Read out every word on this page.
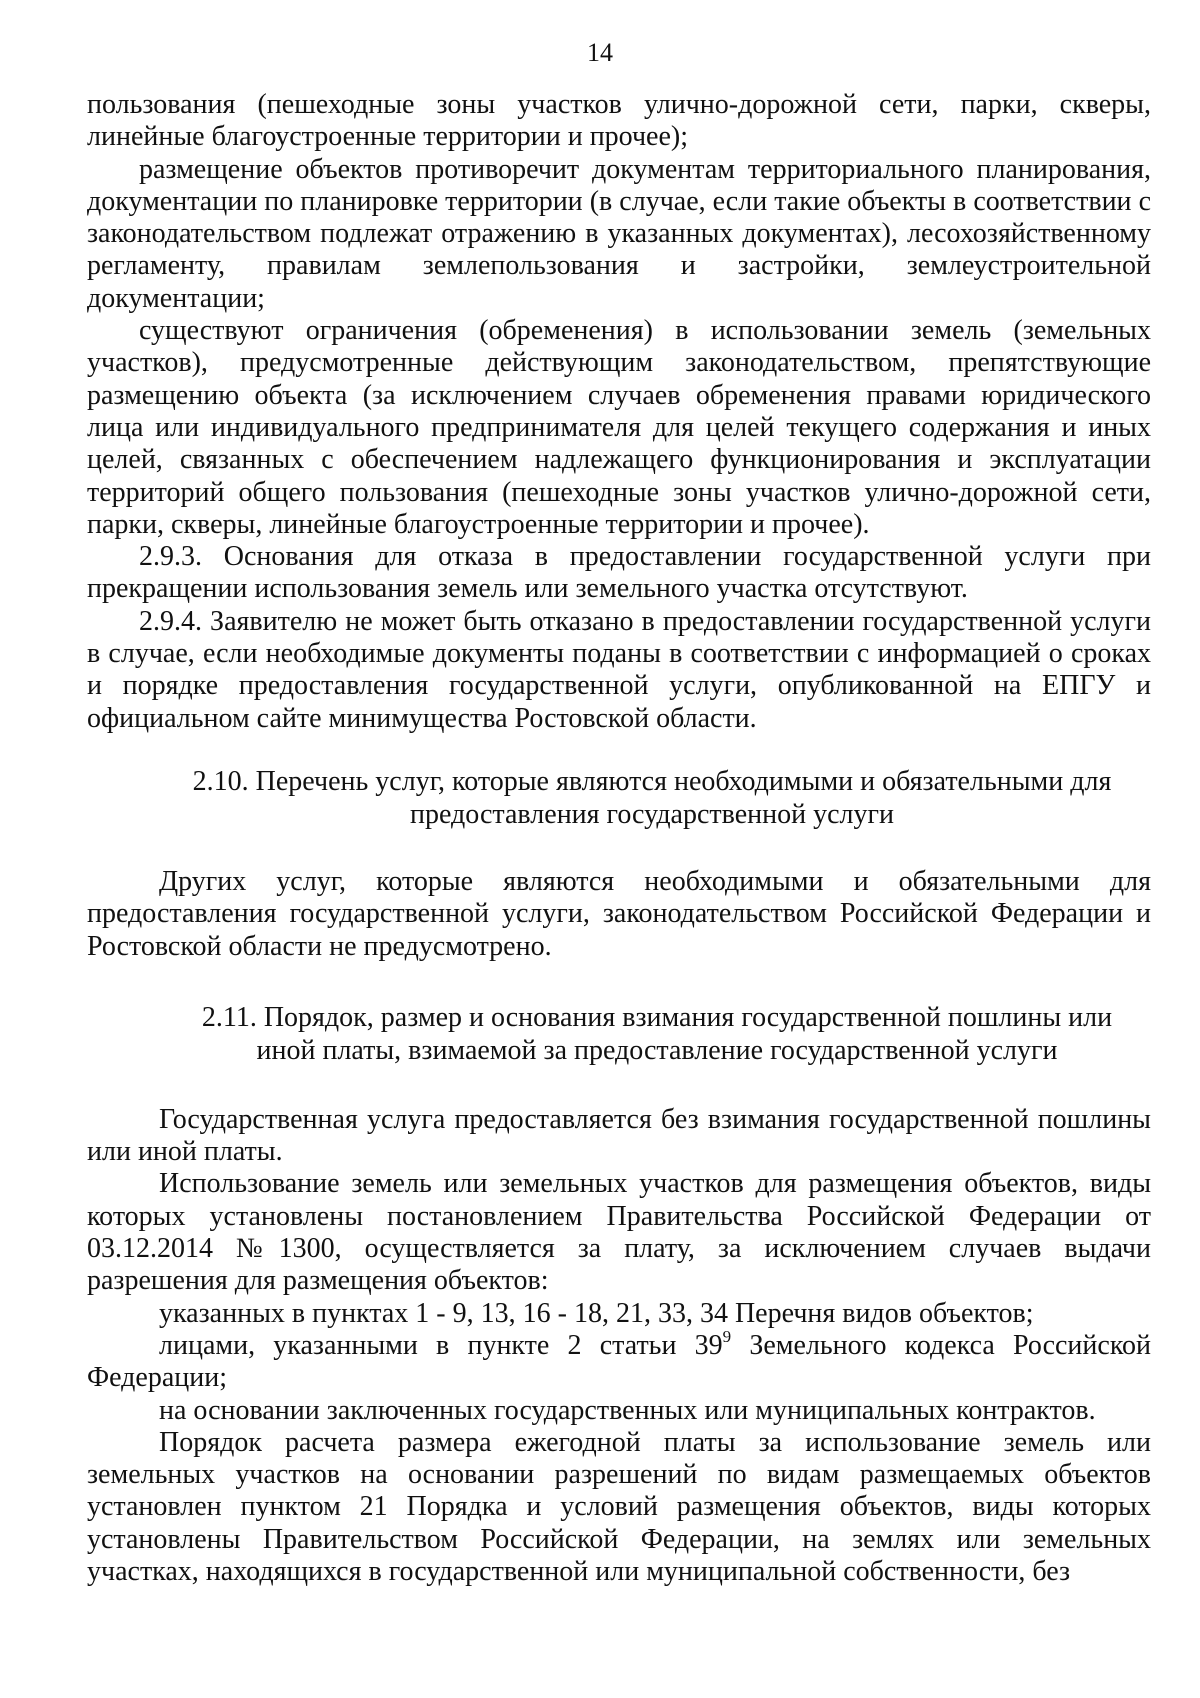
14

пользования (пешеходные зоны участков улично-дорожной сети, парки, скверы, линейные благоустроенные территории и прочее);

размещение объектов противоречит документам территориального планирования, документации по планировке территории (в случае, если такие объекты в соответствии с законодательством подлежат отражению в указанных документах), лесохозяйственному регламенту, правилам землепользования и застройки, землеустроительной документации;

существуют ограничения (обременения) в использовании земель (земельных участков), предусмотренные действующим законодательством, препятствующие размещению объекта (за исключением случаев обременения правами юридического лица или индивидуального предпринимателя для целей текущего содержания и иных целей, связанных с обеспечением надлежащего функционирования и эксплуатации территорий общего пользования (пешеходные зоны участков улично-дорожной сети, парки, скверы, линейные благоустроенные территории и прочее).

2.9.3. Основания для отказа в предоставлении государственной услуги при прекращении использования земель или земельного участка отсутствуют.

2.9.4. Заявителю не может быть отказано в предоставлении государственной услуги в случае, если необходимые документы поданы в соответствии с информацией о сроках и порядке предоставления государственной услуги, опубликованной на ЕПГУ и официальном сайте минимущества Ростовской области.

2.10. Перечень услуг, которые являются необходимыми и обязательными для
предоставления государственной услуги

Других услуг, которые являются необходимыми и обязательными для предоставления государственной услуги, законодательством Российской Федерации и Ростовской области не предусмотрено.

2.11. Порядок, размер и основания взимания государственной пошлины или
иной платы, взимаемой за предоставление государственной услуги

Государственная услуга предоставляется без взимания государственной пошлины или иной платы.

Использование земель или земельных участков для размещения объектов, виды которых установлены постановлением Правительства Российской Федерации от 03.12.2014 №1300, осуществляется за плату, за исключением случаев выдачи разрешения для размещения объектов:

указанных в пунктах 1 - 9, 13, 16 - 18, 21, 33, 34 Перечня видов объектов;

лицами, указанными в пункте 2 статьи $39^9$ Земельного кодекса Российской Федерации;

на основании заключенных государственных или муниципальных контрактов.

Порядок расчета размера ежегодной платы за использование земель или земельных участков на основании разрешений по видам размещаемых объектов установлен пунктом 21 Порядка и условий размещения объектов, виды которых установлены Правительством Российской Федерации, на землях или земельных участках, находящихся в государственной или муниципальной собственности, без
